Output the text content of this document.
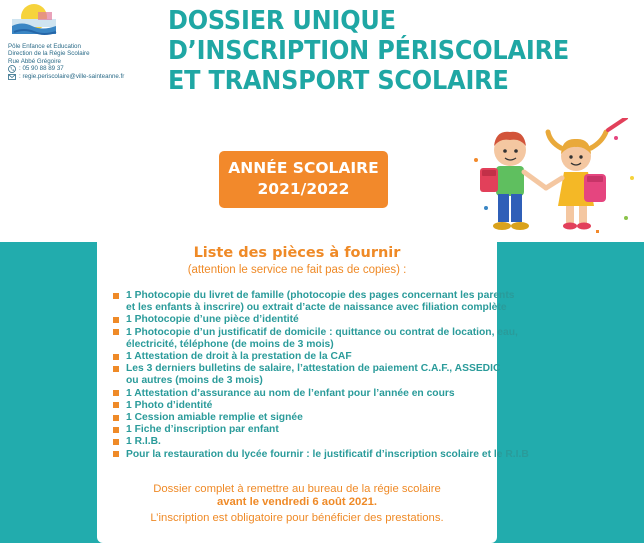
Pôle Enfance et Education
Direction de la Régie Scolaire
Rue Abbé Grégoire
: 05 90 88 89 37
: regie.periscolaire@ville-sainteanne.fr
DOSSIER UNIQUE
D’INSCRIPTION PÉRISCOLAIRE
ET TRANSPORT SCOLAIRE
ANNÉE SCOLAIRE
2021/2022
Liste des pièces à fournir
(attention le service ne fait pas de copies) :
1 Photocopie du livret de famille (photocopie des pages concernant les parents
et les enfants à inscrire) ou extrait d’acte de naissance avec filiation complète
1 Photocopie d’une pièce d’identité
1 Photocopie d’un justificatif de domicile : quittance ou contrat de location, eau,
électricité, téléphone (de moins de 3 mois)
1 Attestation de droit à la prestation de la CAF
Les 3 derniers bulletins de salaire, l’attestation de paiement C.A.F., ASSEDIC
ou autres (moins de 3 mois)
1 Attestation d’assurance au nom de l’enfant pour l’année en cours
1 Photo d’identité
1 Cession amiable remplie et signée
1 Fiche d’inscription par enfant
1 R.I.B.
Pour la restauration du lycée fournir : le justificatif d’inscription scolaire et le R.I.B
Dossier complet à remettre au bureau de la régie scolaire
avant le vendredi 6 août 2021.
L’inscription est obligatoire pour bénéficier des prestations.
